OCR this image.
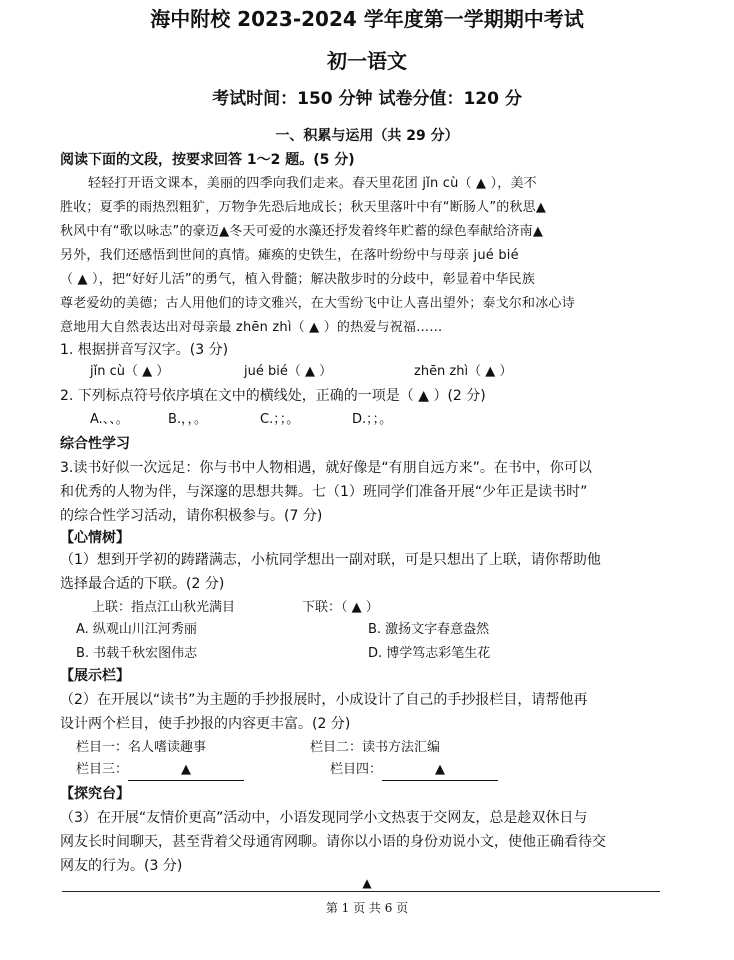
海中附校 2023-2024 学年度第一学期期中考试
初一语文
考试时间：150 分钟 试卷分值：120 分
一、积累与运用（共 29 分）
阅读下面的文段，按要求回答 1～2 题。(5 分)
轻轻打开语文课本，美丽的四季向我们走来。春天里花团 jǐn cù（ ▲ ），美不
胜收；夏季的雨热烈粗犷，万物争先恐后地成长；秋天里落叶中有“断肠人”的秋思▲
秋风中有“歌以咏志”的豪迈▲冬天可爱的水藻还抒发着终年贮蓄的绿色奉献给济南▲
另外，我们还感悟到世间的真情。瘫痪的史铁生，在落叶纷纷中与母亲 jué bié
（ ▲ ），把“好好儿活”的勇气，植入骨髓；解决散步时的分歧中，彰显着中华民族
尊老爱幼的美德；古人用他们的诗文雅兴，在大雪纷飞中让人喜出望外；泰戈尔和冰心诗
意地用大自然表达出对母亲最 zhēn zhì（ ▲ ）的热爱与祝福……
1. 根据拼音写汉字。(3 分)
jǐn cù（ ▲ ）	jué bié（ ▲ ）	zhēn zhì（ ▲ ）
2. 下列标点符号依序填在文中的横线处，正确的一项是（ ▲ ）(2 分)
A.、、。	B.，，。	C.；；。	D.；；。
综合性学习
3.读书好似一次远足：你与书中人物相遇，就好像是“有朋自远方来”。在书中，你可以
和优秀的人物为伴，与深邃的思想共舞。七（1）班同学们准备开展“少年正是读书时”
的综合性学习活动，请你积极参与。(7 分)
【心情树】
（1）想到开学初的踌躇满志，小杭同学想出一副对联，可是只想出了上联，请你帮助他
选择最合适的下联。(2 分)
上联：指点江山秋光满目	下联：（ ▲ ）
A. 纵观山川江河秀丽	B. 激扬文字春意盎然
B. 书载千秋宏图伟志	D. 博学笃志彩笔生花
【展示栏】
（2）在开展以“读书”为主题的手抄报展时，小成设计了自己的手抄报栏目，请帮他再
设计两个栏目，使手抄报的内容更丰富。(2 分)
栏目一：名人嗜读趣事	栏目二：读书方法汇编
栏目三：	▲	栏目四：	▲
【探究台】
（3）在开展“友情价更高”活动中，小语发现同学小文热衷于交网友，总是趁双休日与
网友长时间聊天，甚至背着父母通宵网聊。请你以小语的身份劝说小文，使他正确看待交
网友的行为。(3 分)
▲
第 1 页 共 6 页
